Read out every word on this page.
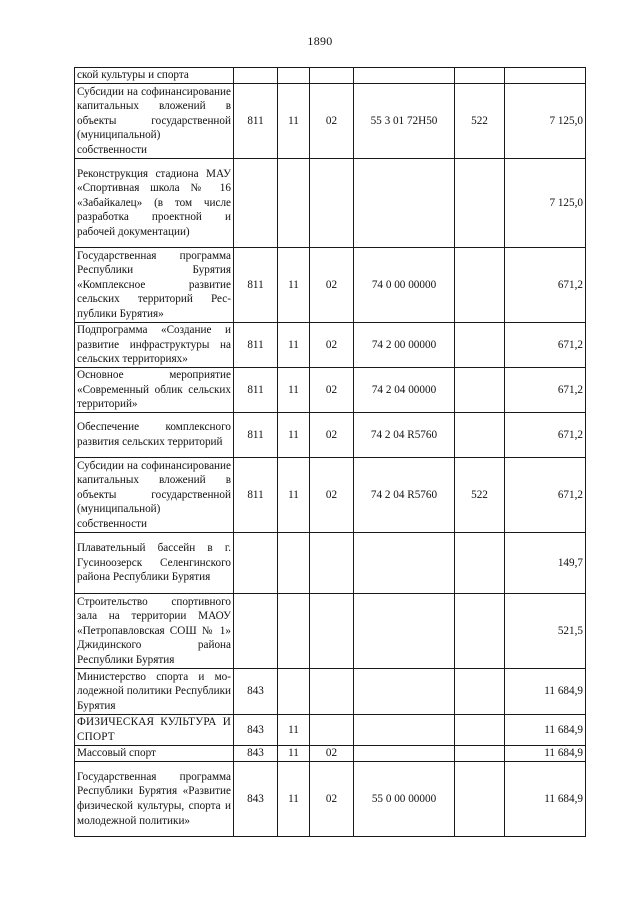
1890
ской культуры и спорта						
Субсидии на софинансирование капитальных вложений в объекты государственной (муниципальной) собственности	811	11	02	55 3 01 72Н50	522	7 125,0
Реконструкция стадиона МАУ «Спортивная школа № 16 «Забайкалец» (в том числе разработка проектной и рабочей документации)						7 125,0
Государственная программа Республики Бурятия «Комплексное развитие сельских территорий Республики Бурятия»	811	11	02	74 0 00 00000		671,2
Подпрограмма «Создание и развитие инфраструктуры на сельских территориях»	811	11	02	74 2 00 00000		671,2
Основное мероприятие «Современный облик сельских территорий»	811	11	02	74 2 04 00000		671,2
Обеспечение комплексного развития сельских территорий	811	11	02	74 2 04 R5760		671,2
Субсидии на софинансирование капитальных вложений в объекты государственной (муниципальной) собственности	811	11	02	74 2 04 R5760	522	671,2
Плавательный бассейн в г. Гусиноозерск Селенгинского района Республики Бурятия						149,7
Строительство спортивного зала на территории МАОУ «Петропавловская СОШ № 1» Джидинского района Республики Бурятия						521,5
Министерство спорта и молодежной политики Республики Бурятия	843					11 684,9
ФИЗИЧЕСКАЯ КУЛЬТУРА И СПОРТ	843	11				11 684,9
Массовый спорт	843	11	02			11 684,9
Государственная программа Республики Бурятия «Развитие физической культуры, спорта и молодежной политики»	843	11	02	55 0 00 00000		11 684,9
